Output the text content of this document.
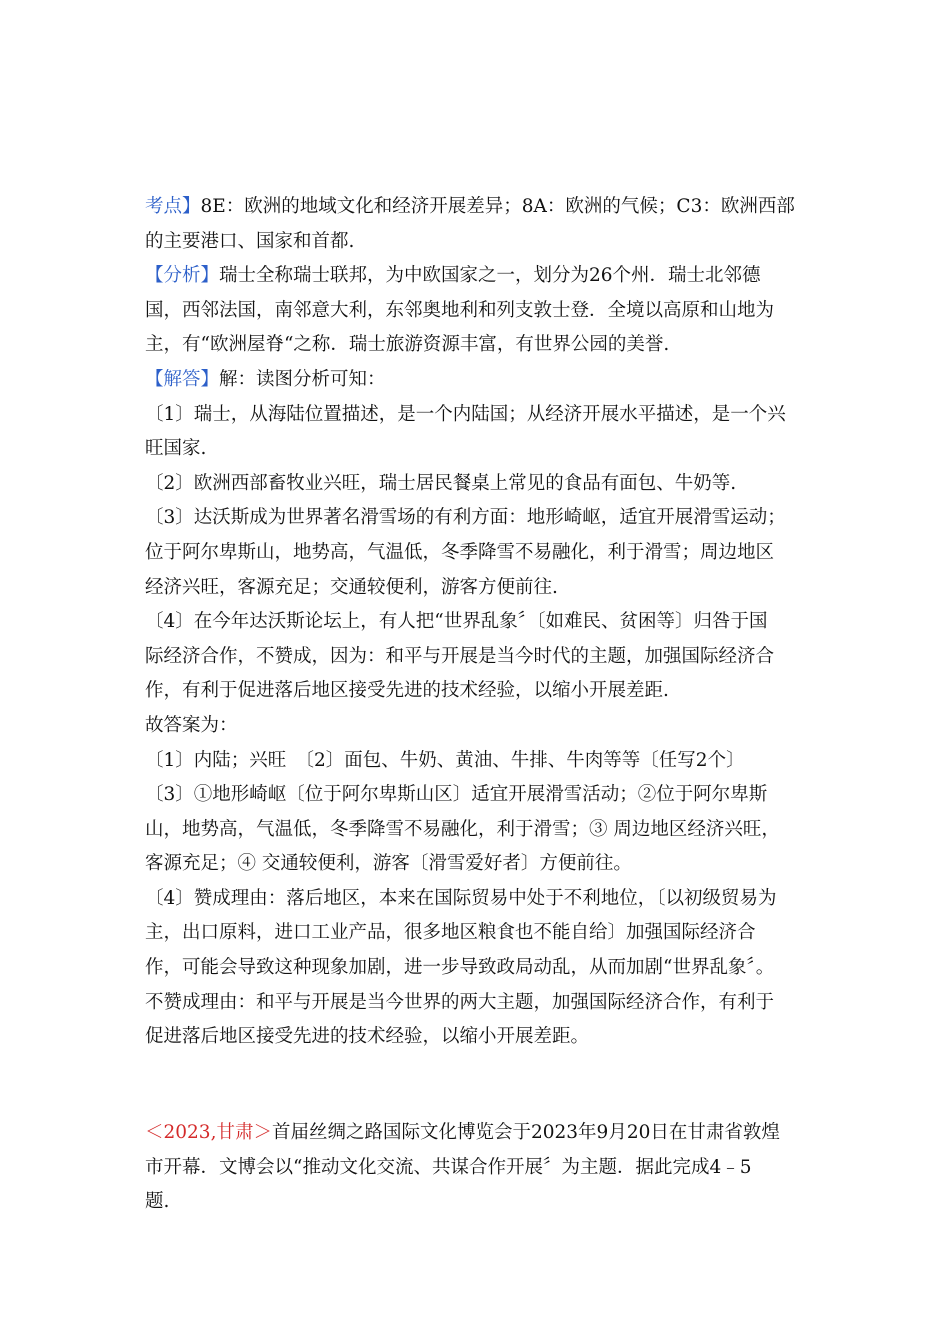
考点】8E：欧洲的地域文化和经济开展差异；8A：欧洲的气候；C3：欧洲西部
的主要港口、国家和首都.
【分析】瑞士全称瑞士联邦，为中欧国家之一，划分为26个州．瑞士北邻德
国，西邻法国，南邻意大利，东邻奥地利和列支敦士登．全境以高原和山地为
主，有“欧洲屋脊“之称．瑞士旅游资源丰富，有世界公园的美誉.
【解答】解：读图分析可知：
〔1〕瑞士，从海陆位置描述，是一个内陆国；从经济开展水平描述，是一个兴
旺国家.
〔2〕欧洲西部畜牧业兴旺，瑞士居民餐桌上常见的食品有面包、牛奶等.
〔3〕达沃斯成为世界著名滑雪场的有利方面：地形崎岖，适宜开展滑雪运动；
位于阿尔卑斯山，地势高，气温低，冬季降雪不易融化，利于滑雪；周边地区
经济兴旺，客源充足；交通较便利，游客方便前往.
〔4〕在今年达沃斯论坛上，有人把“世界乱象〞〔如难民、贫困等〕归咎于国
际经济合作，不赞成，因为：和平与开展是当今时代的主题，加强国际经济合
作，有利于促进落后地区接受先进的技术经验，以缩小开展差距.
故答案为：
〔1〕内陆；兴旺　〔2〕面包、牛奶、黄油、牛排、牛肉等等〔任写2个〕
〔3〕①地形崎岖〔位于阿尔卑斯山区〕适宜开展滑雪活动；②位于阿尔卑斯
山，地势高，气温低，冬季降雪不易融化，利于滑雪；③ 周边地区经济兴旺，
客源充足；④ 交通较便利，游客〔滑雪爱好者〕方便前往。
〔4〕赞成理由：落后地区，本来在国际贸易中处于不利地位，〔以初级贸易为
主，出口原料，进口工业产品，很多地区粮食也不能自给〕加强国际经济合
作，可能会导致这种现象加剧，进一步导致政局动乱，从而加剧“世界乱象〞。
不赞成理由：和平与开展是当今世界的两大主题，加强国际经济合作，有利于
促进落后地区接受先进的技术经验，以缩小开展差距。
＜2023,甘肃＞首届丝绸之路国际文化博览会于2023年9月20日在甘肃省敦煌
市开幕．文博会以“推动文化交流、共谋合作开展〞为主题．据此完成4﹣5
题.
